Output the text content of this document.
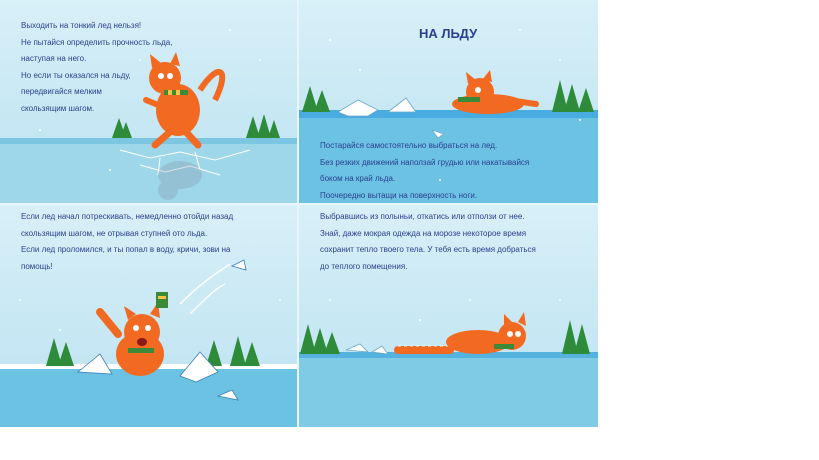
Выходить на тонкий лед нельзя!
Не пытайся определить прочность льда,
наступая на него.
Но если ты оказался на льду,
передвигайся мелким
скользящим шагом.
НА ЛЬДУ
Постарайся самостоятельно выбраться на лед.
Без резких движений наползай грудью или накатывайся
боком на край льда.
Поочередно вытащи на поверхность ноги.
Если лед начал потрескивать, немедленно отойди назад
скользящим шагом, не отрывая ступней ото льда.
Если лед проломился, и ты попал в воду, кричи, зови на
помощь!
Выбравшись из полыньи, откатись или отползи от нее.
Знай, даже мокрая одежда на морозе некоторое время
сохранит тепло твоего тела. У тебя есть время добраться
до теплого помещения.
